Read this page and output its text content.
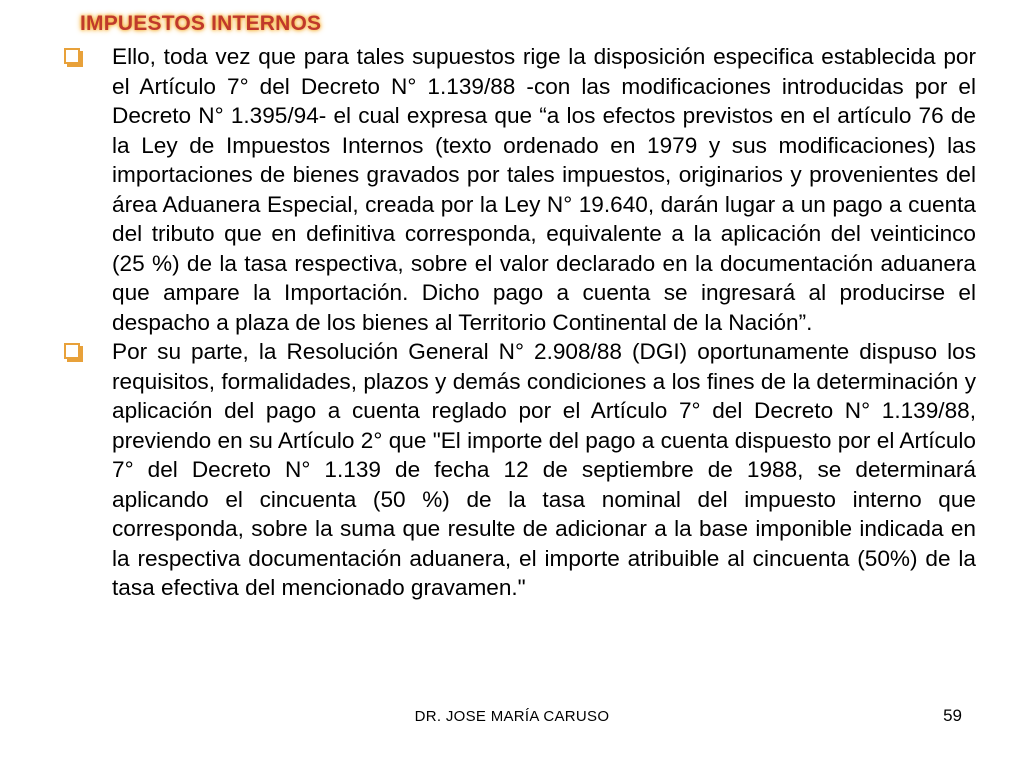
IMPUESTOS INTERNOS

Ello, toda vez que para tales supuestos rige la disposición especifica establecida por el Artículo 7° del Decreto N° 1.139/88 -con las modificaciones introducidas por el Decreto N° 1.395/94- el cual expresa que “a los efectos previstos en el artículo 76 de la Ley de Impuestos Internos (texto ordenado en 1979 y sus modificaciones) las importaciones de bienes gravados por tales impuestos, originarios y provenientes del área Aduanera Especial, creada por la Ley N° 19.640, darán lugar a un pago a cuenta del tributo que en definitiva corresponda, equivalente a la aplicación del veinticinco (25 %) de la tasa respectiva, sobre el valor declarado en la documentación aduanera que ampare la Importación. Dicho pago a cuenta se ingresará al producirse el despacho a plaza de los bienes al Territorio Continental de la Nación”.

Por su parte, la Resolución General N° 2.908/88 (DGI) oportunamente dispuso los requisitos, formalidades, plazos y demás condiciones a los fines de la determinación y aplicación del pago a cuenta reglado por el Artículo 7° del Decreto N° 1.139/88, previendo en su Artículo 2° que "El importe del pago a cuenta dispuesto por el Artículo 7° del Decreto N° 1.139 de fecha 12 de septiembre de 1988, se determinará aplicando el cincuenta (50 %) de la tasa nominal del impuesto interno que corresponda, sobre la suma que resulte de adicionar a la base imponible indicada en la respectiva documentación aduanera, el importe atribuible al cincuenta (50%) de la tasa efectiva del mencionado gravamen."

DR. JOSE MARÍA CARUSO	59
